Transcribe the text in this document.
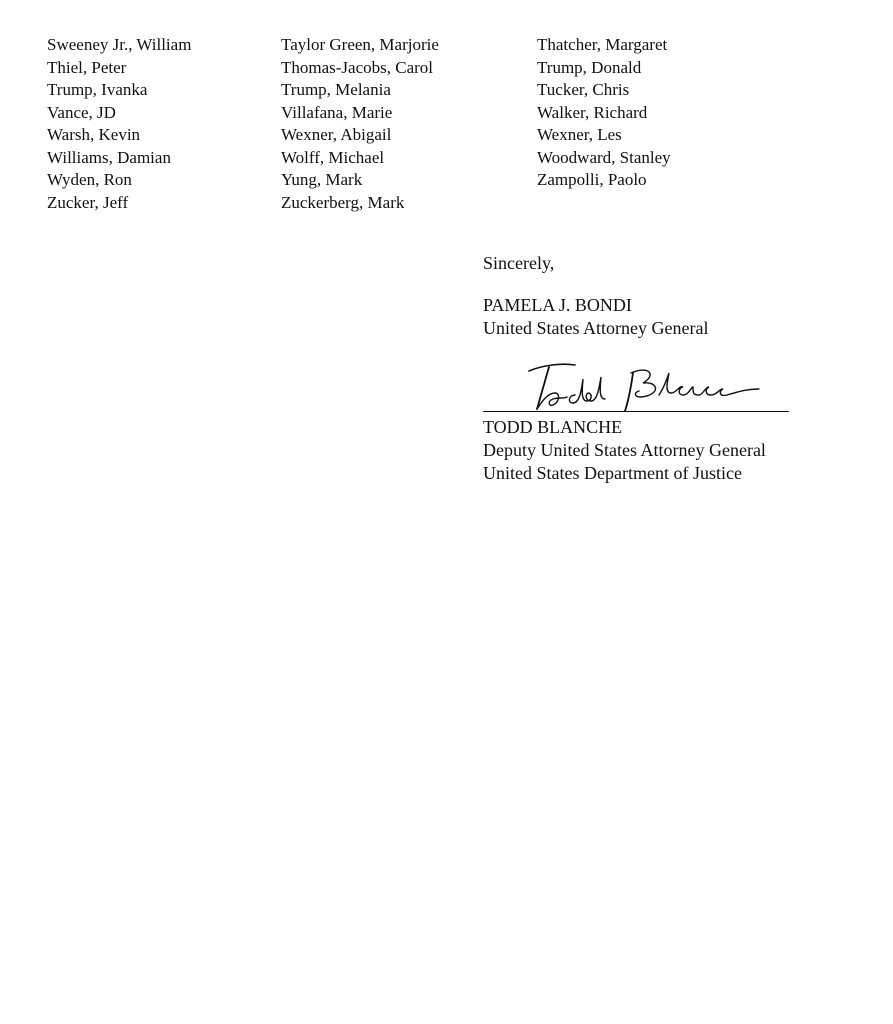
Sweeney Jr., William
Thiel, Peter
Trump, Ivanka
Vance, JD
Warsh, Kevin
Williams, Damian
Wyden, Ron
Zucker, Jeff
Taylor Green, Marjorie
Thomas-Jacobs, Carol
Trump, Melania
Villafana, Marie
Wexner, Abigail
Wolff, Michael
Yung, Mark
Zuckerberg, Mark
Thatcher, Margaret
Trump, Donald
Tucker, Chris
Walker, Richard
Wexner, Les
Woodward, Stanley
Zampolli, Paolo

Sincerely,

PAMELA J. BONDI

United States Attorney General

TODD BLANCHE

Deputy United States Attorney General

United States Department of Justice
